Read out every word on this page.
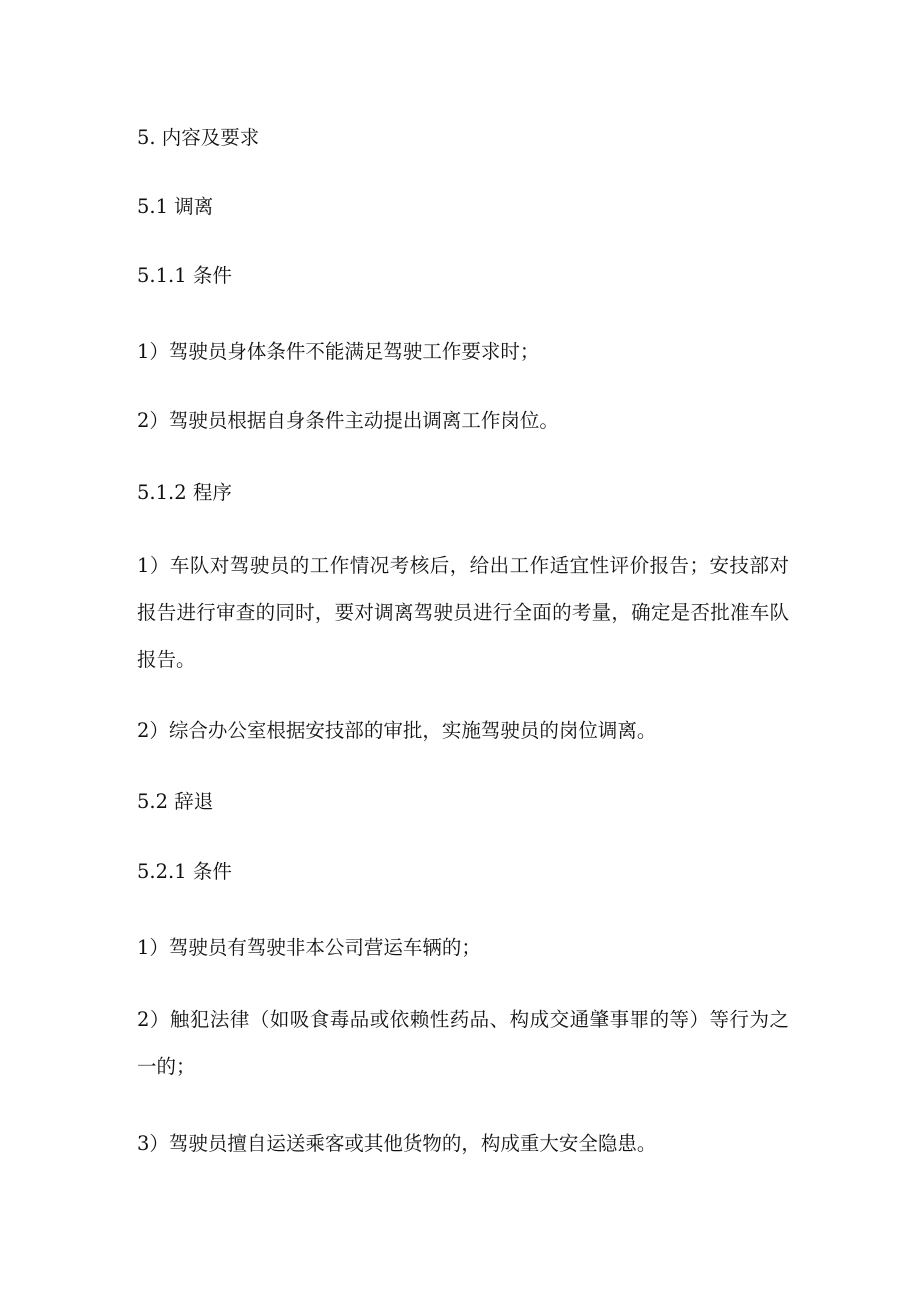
5. 内容及要求
5.1 调离
5.1.1 条件
1）驾驶员身体条件不能满足驾驶工作要求时；
2）驾驶员根据自身条件主动提出调离工作岗位。
5.1.2 程序
1）车队对驾驶员的工作情况考核后，给出工作适宜性评价报告；安技部对报告进行审查的同时，要对调离驾驶员进行全面的考量，确定是否批准车队报告。
2）综合办公室根据安技部的审批，实施驾驶员的岗位调离。
5.2 辞退
5.2.1 条件
1）驾驶员有驾驶非本公司营运车辆的；
2）触犯法律（如吸食毒品或依赖性药品、构成交通肇事罪的等）等行为之一的；
3）驾驶员擅自运送乘客或其他货物的，构成重大安全隐患。
